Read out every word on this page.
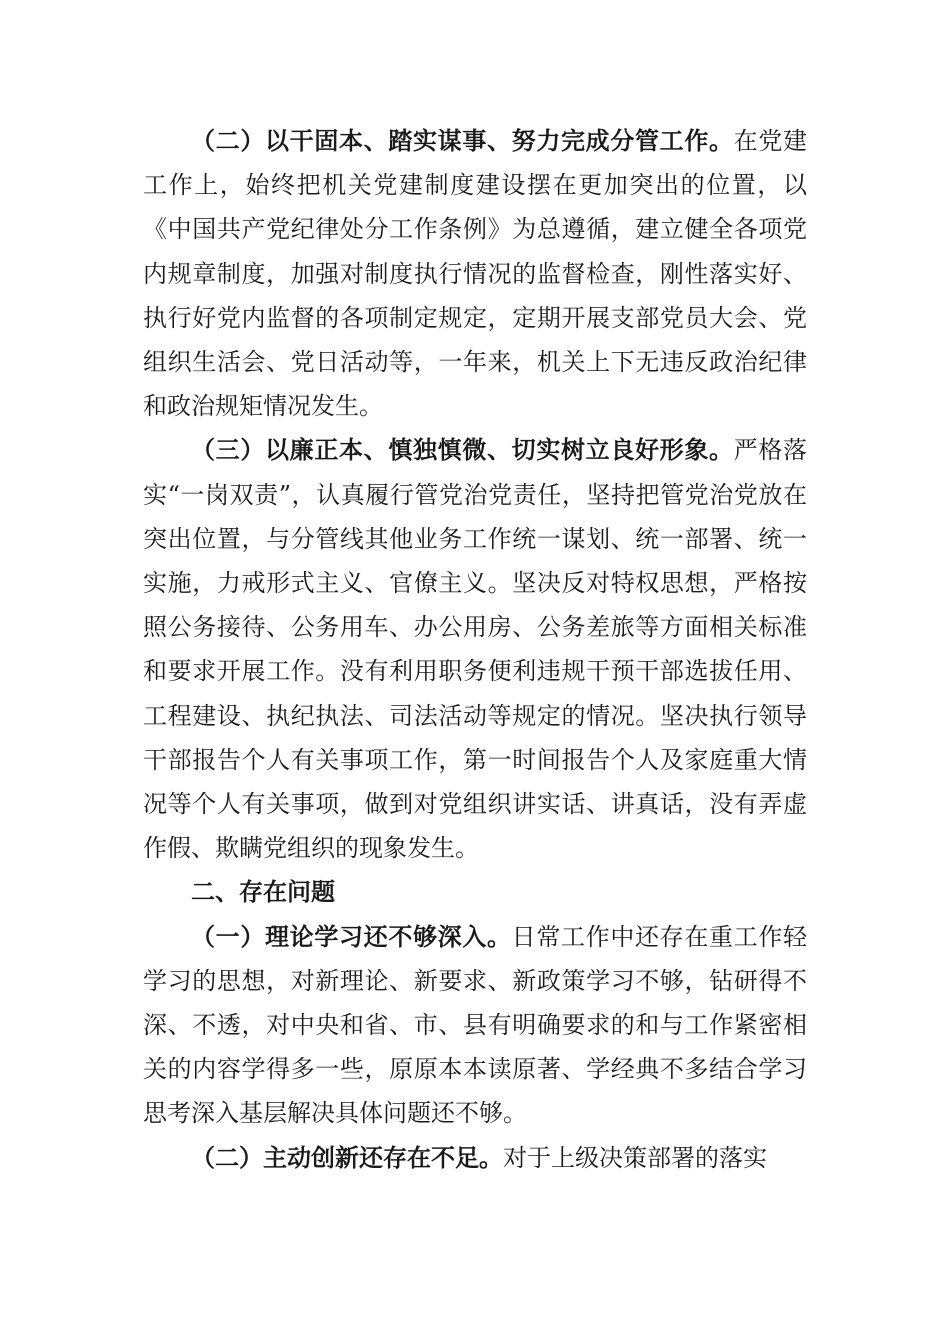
（二）以干固本、踏实谋事、努力完成分管工作。在党建工作上，始终把机关党建制度建设摆在更加突出的位置，以《中国共产党纪律处分工作条例》为总遵循，建立健全各项党内规章制度，加强对制度执行情况的监督检查，刚性落实好、执行好党内监督的各项制定规定，定期开展支部党员大会、党组织生活会、党日活动等，一年来，机关上下无违反政治纪律和政治规矩情况发生。

（三）以廉正本、慎独慎微、切实树立良好形象。严格落实“一岗双责”，认真履行管党治党责任，坚持把管党治党放在突出位置，与分管线其他业务工作统一谋划、统一部署、统一实施，力戒形式主义、官僚主义。坚决反对特权思想，严格按照公务接待、公务用车、办公用房、公务差旅等方面相关标准和要求开展工作。没有利用职务便利违规干预干部选拔任用、工程建设、执纪执法、司法活动等规定的情况。坚决执行领导干部报告个人有关事项工作，第一时间报告个人及家庭重大情况等个人有关事项，做到对党组织讲实话、讲真话，没有弄虚作假、欺瞒党组织的现象发生。

二、存在问题

（一）理论学习还不够深入。日常工作中还存在重工作轻学习的思想，对新理论、新要求、新政策学习不够，钻研得不深、不透，对中央和省、市、县有明确要求的和与工作紧密相关的内容学得多一些，原原本本读原著、学经典不多结合学习思考深入基层解决具体问题还不够。

（二）主动创新还存在不足。对于上级决策部署的落实
